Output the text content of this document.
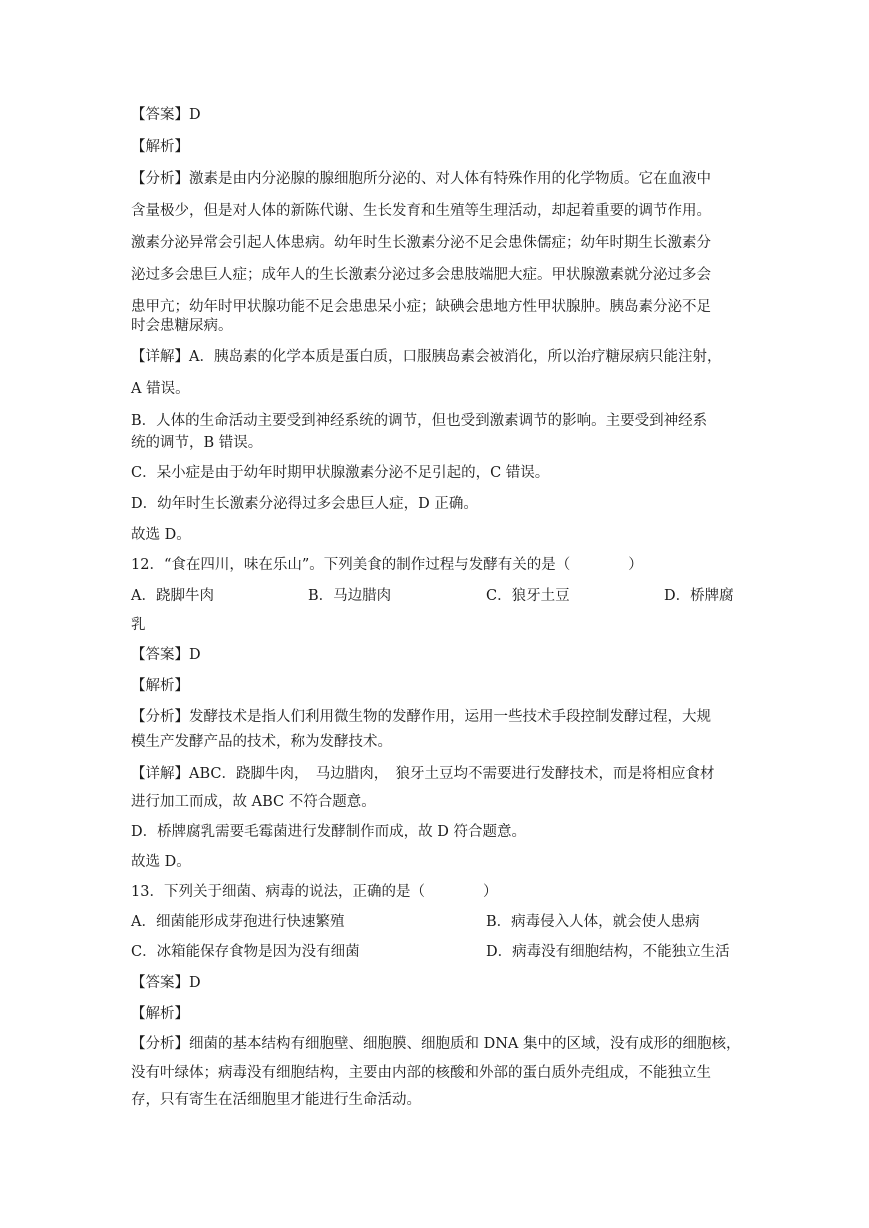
【答案】D
【解析】
【分析】激素是由内分泌腺的腺细胞所分泌的、对人体有特殊作用的化学物质。它在血液中
含量极少，但是对人体的新陈代谢、生长发育和生殖等生理活动，却起着重要的调节作用。
激素分泌异常会引起人体患病。幼年时生长激素分泌不足会患侏儒症；幼年时期生长激素分
泌过多会患巨人症；成年人的生长激素分泌过多会患肢端肥大症。甲状腺激素就分泌过多会
患甲亢；幼年时甲状腺功能不足会患患呆小症；缺碘会患地方性甲状腺肿。胰岛素分泌不足
时会患糖尿病。
【详解】A．胰岛素的化学本质是蛋白质，口服胰岛素会被消化，所以治疗糖尿病只能注射，
A 错误。
B．人体的生命活动主要受到神经系统的调节，但也受到激素调节的影响。主要受到神经系
统的调节，B 错误。
C．呆小症是由于幼年时期甲状腺激素分泌不足引起的，C 错误。
D．幼年时生长激素分泌得过多会患巨人症，D 正确。
故选 D。
12．“食在四川，味在乐山”。下列美食的制作过程与发酵有关的是（　　　　）
A．跷脚牛肉	B．马边腊肉	C．狼牙土豆	D．桥牌腐
乳
【答案】D
【解析】
【分析】发酵技术是指人们利用微生物的发酵作用，运用一些技术手段控制发酵过程，大规
模生产发酵产品的技术，称为发酵技术。
【详解】ABC．跷脚牛肉，　马边腊肉，　狼牙土豆均不需要进行发酵技术，而是将相应食材
进行加工而成，故 ABC 不符合题意。
D．桥牌腐乳需要毛霉菌进行发酵制作而成，故 D 符合题意。
故选 D。
13．下列关于细菌、病毒的说法，正确的是（　　　　）
A．细菌能形成芽孢进行快速繁殖	B．病毒侵入人体，就会使人患病
C．冰箱能保存食物是因为没有细菌	D．病毒没有细胞结构，不能独立生活
【答案】D
【解析】
【分析】细菌的基本结构有细胞壁、细胞膜、细胞质和 DNA 集中的区域，没有成形的细胞核，
没有叶绿体；病毒没有细胞结构，主要由内部的核酸和外部的蛋白质外壳组成，不能独立生
存，只有寄生在活细胞里才能进行生命活动。
